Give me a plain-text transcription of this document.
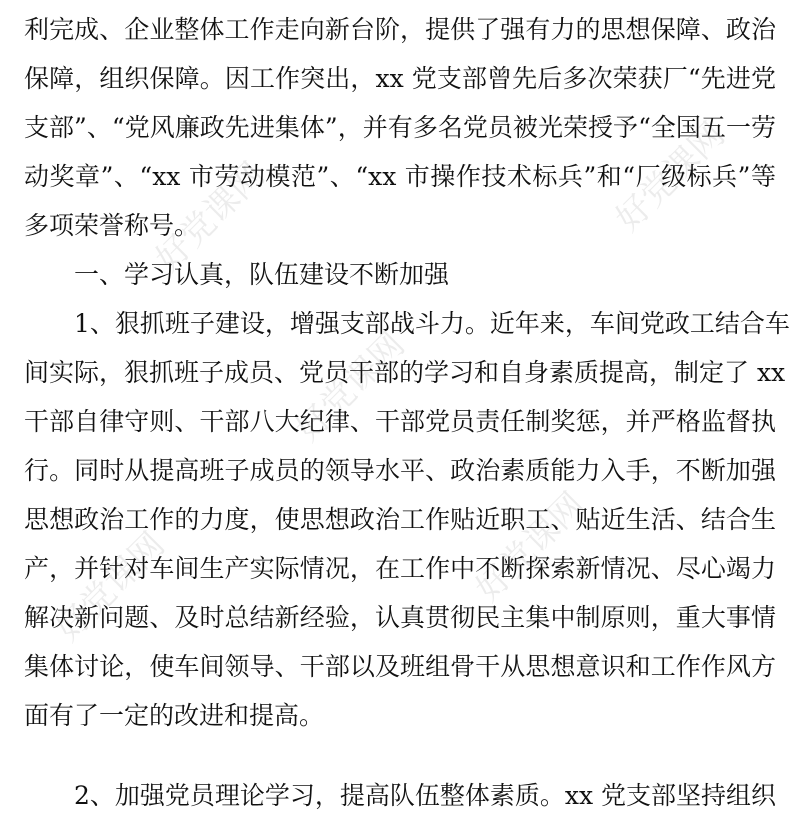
好党课网	好党课网
好党课网
好党课网	好党课网
利完成、企业整体工作走向新台阶，提供了强有力的思想保障、政治
保障，组织保障。因工作突出，xx 党支部曾先后多次荣获厂“先进党
支部”、“党风廉政先进集体”，并有多名党员被光荣授予“全国五一劳
动奖章”、“xx 市劳动模范”、“xx 市操作技术标兵”和“厂级标兵”等
多项荣誉称号。
一、学习认真，队伍建设不断加强
1、狠抓班子建设，增强支部战斗力。近年来，车间党政工结合车
间实际，狠抓班子成员、党员干部的学习和自身素质提高，制定了 xx
干部自律守则、干部八大纪律、干部党员责任制奖惩，并严格监督执
行。同时从提高班子成员的领导水平、政治素质能力入手，不断加强
思想政治工作的力度，使思想政治工作贴近职工、贴近生活、结合生
产，并针对车间生产实际情况，在工作中不断探索新情况、尽心竭力
解决新问题、及时总结新经验，认真贯彻民主集中制原则，重大事情
集体讨论，使车间领导、干部以及班组骨干从思想意识和工作作风方
面有了一定的改进和提高。
2、加强党员理论学习，提高队伍整体素质。xx 党支部坚持组织
